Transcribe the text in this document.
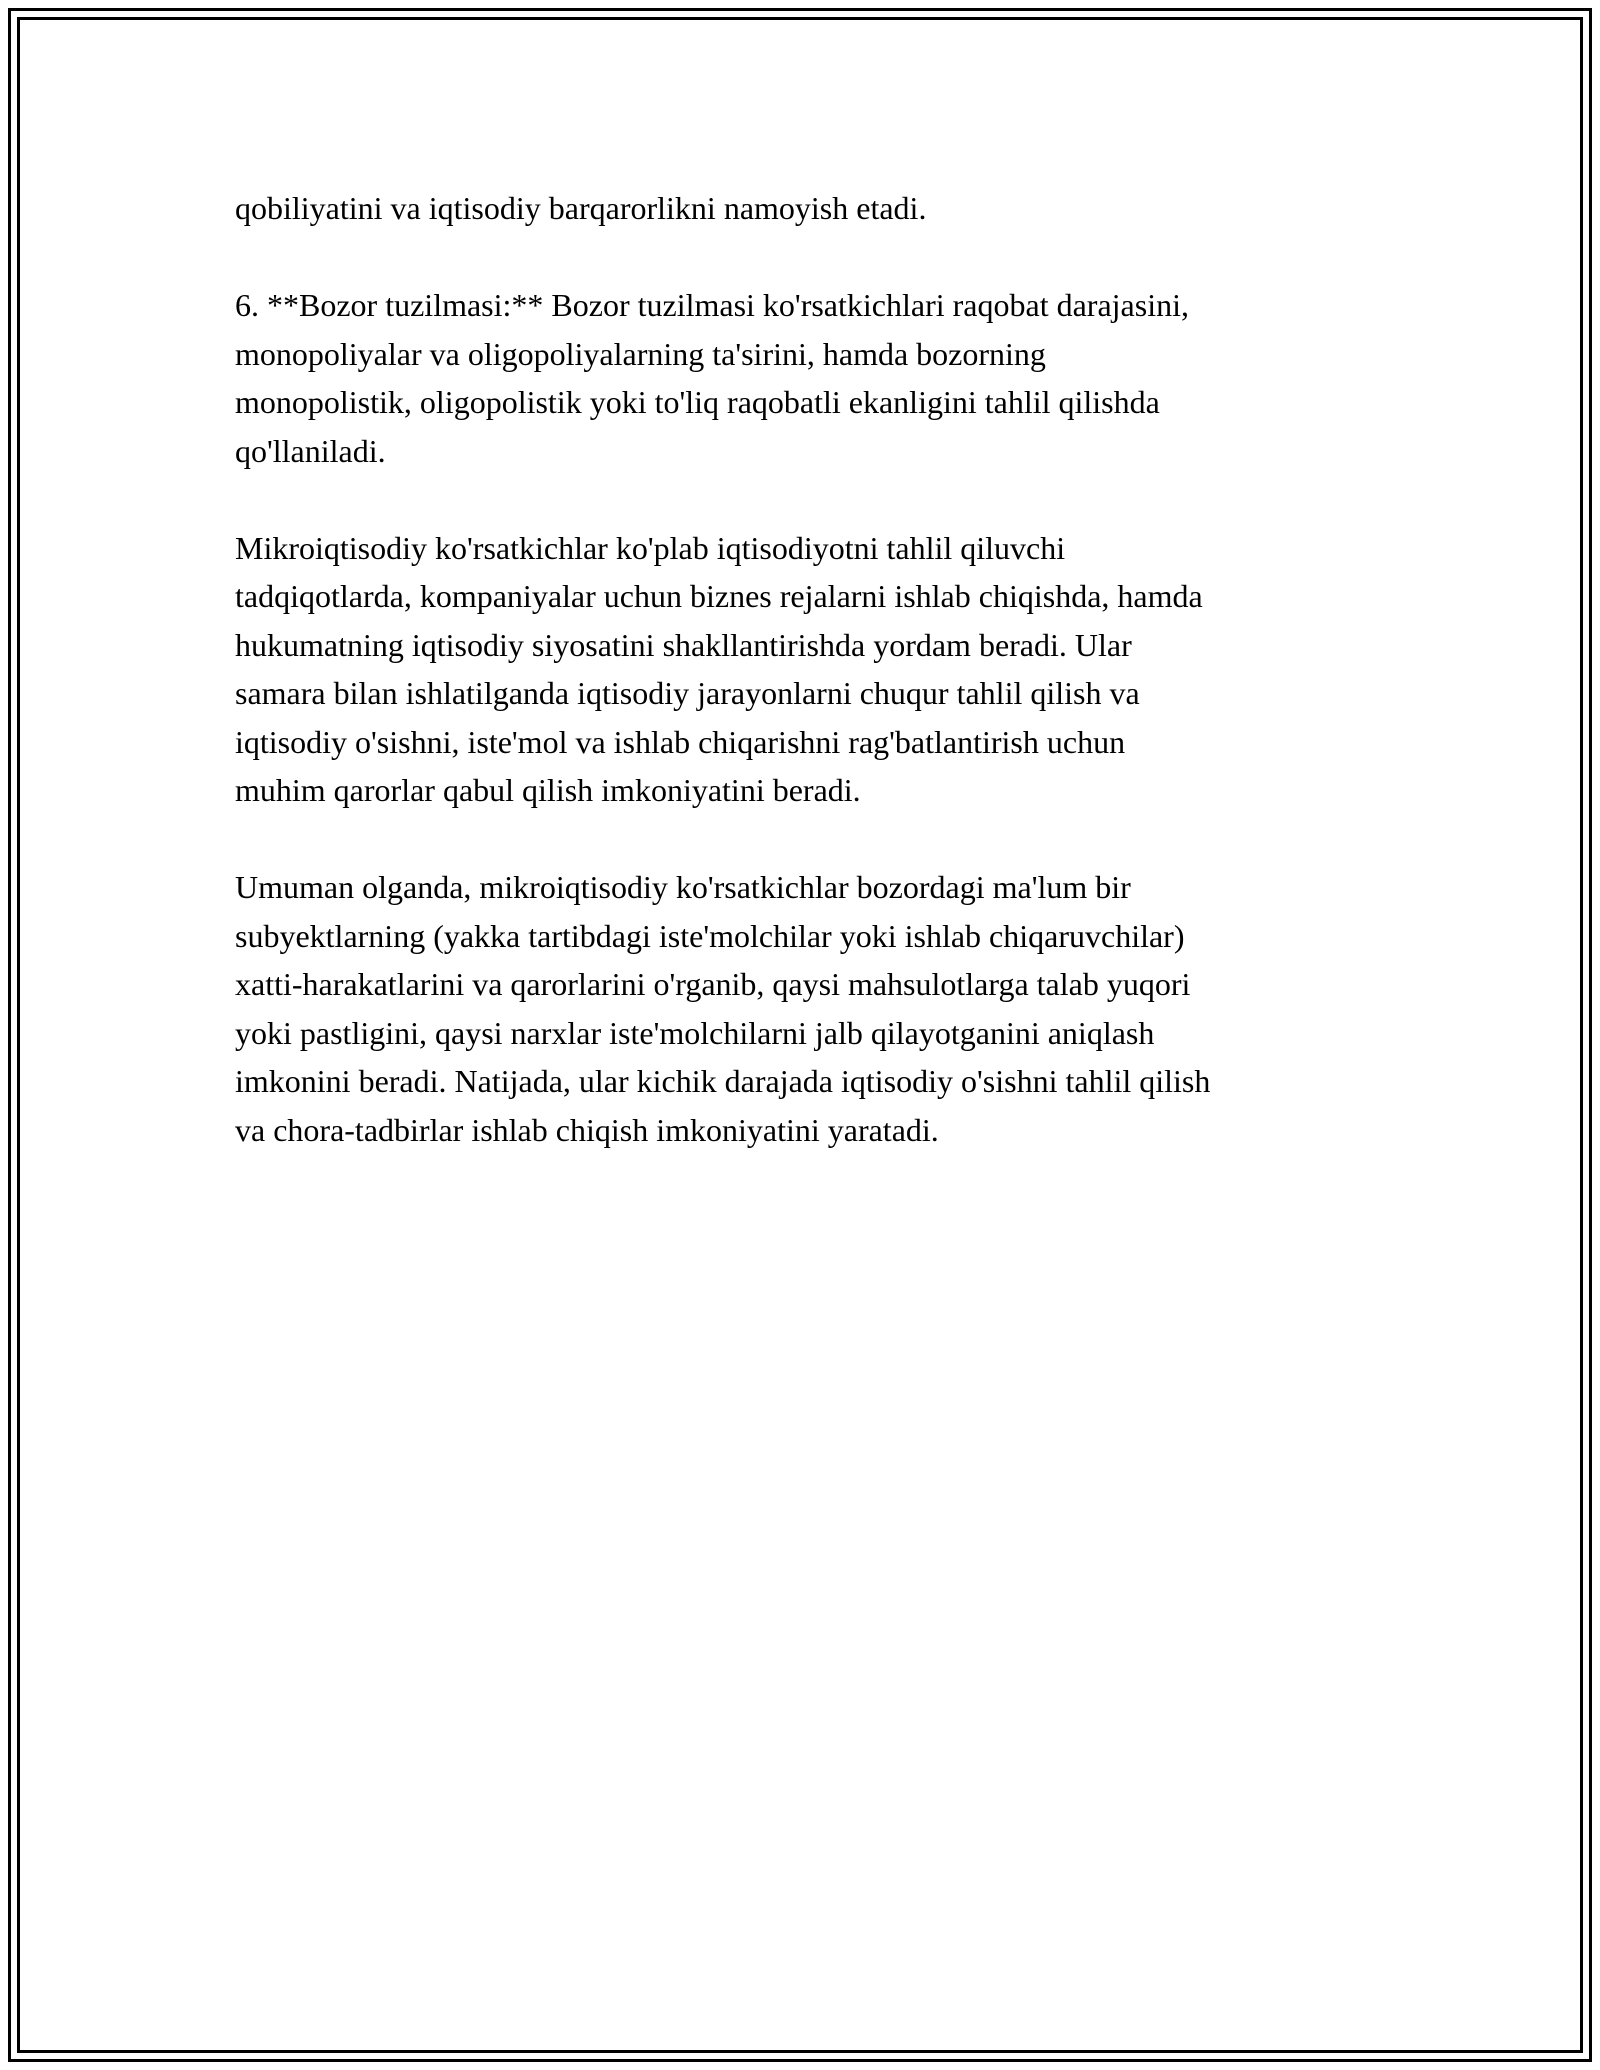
qobiliyatini va iqtisodiy barqarorlikni namoyish etadi.

6. **Bozor tuzilmasi:** Bozor tuzilmasi ko'rsatkichlari raqobat darajasini,
monopoliyalar va oligopoliyalarning ta'sirini, hamda bozorning
monopolistik, oligopolistik yoki to'liq raqobatli ekanligini tahlil qilishda
qo'llaniladi.

Mikroiqtisodiy ko'rsatkichlar ko'plab iqtisodiyotni tahlil qiluvchi
tadqiqotlarda, kompaniyalar uchun biznes rejalarni ishlab chiqishda, hamda
hukumatning iqtisodiy siyosatini shakllantirishda yordam beradi. Ular
samara bilan ishlatilganda iqtisodiy jarayonlarni chuqur tahlil qilish va
iqtisodiy o'sishni, iste'mol va ishlab chiqarishni rag'batlantirish uchun
muhim qarorlar qabul qilish imkoniyatini beradi.

Umuman olganda, mikroiqtisodiy ko'rsatkichlar bozordagi ma'lum bir
subyektlarning (yakka tartibdagi iste'molchilar yoki ishlab chiqaruvchilar)
xatti-harakatlarini va qarorlarini o'rganib, qaysi mahsulotlarga talab yuqori
yoki pastligini, qaysi narxlar iste'molchilarni jalb qilayotganini aniqlash
imkonini beradi. Natijada, ular kichik darajada iqtisodiy o'sishni tahlil qilish
va chora-tadbirlar ishlab chiqish imkoniyatini yaratadi.
